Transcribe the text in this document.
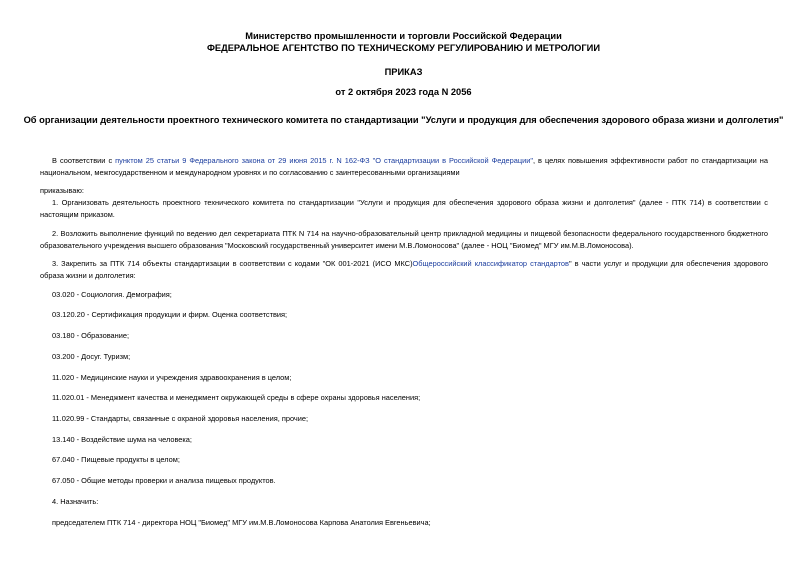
Министерство промышленности и торговли Российской Федерации
ФЕДЕРАЛЬНОЕ АГЕНТСТВО ПО ТЕХНИЧЕСКОМУ РЕГУЛИРОВАНИЮ И МЕТРОЛОГИИ
ПРИКАЗ
от 2 октября 2023 года N 2056
Об организации деятельности проектного технического комитета по стандартизации "Услуги и продукция для обеспечения здорового образа жизни и долголетия"
В соответствии с пунктом 25 статьи 9 Федерального закона от 29 июня 2015 г. N 162-ФЗ "О стандартизации в Российской Федерации", в целях повышения эффективности работ по стандартизации на национальном, межгосударственном и международном уровнях и по согласованию с заинтересованными организациями
приказываю:
1. Организовать деятельность проектного технического комитета по стандартизации "Услуги и продукция для обеспечения здорового образа жизни и долголетия" (далее - ПТК 714) в соответствии с настоящим приказом.
2. Возложить выполнение функций по ведению дел секретариата ПТК N 714 на научно-образовательный центр прикладной медицины и пищевой безопасности федерального государственного бюджетного образовательного учреждения высшего образования "Московский государственный университет имени М.В.Ломоносова" (далее - НОЦ "Биомед" МГУ им.М.В.Ломоносова).
3. Закрепить за ПТК 714 объекты стандартизации в соответствии с кодами "ОК 001-2021 (ИСО МКС)Общероссийский классификатор стандартов" в части услуг и продукции для обеспечения здорового образа жизни и долголетия:
03.020 - Социология. Демография;
03.120.20 - Сертификация продукции и фирм. Оценка соответствия;
03.180 - Образование;
03.200 - Досуг. Туризм;
11.020 - Медицинские науки и учреждения здравоохранения в целом;
11.020.01 - Менеджмент качества и менеджмент окружающей среды в сфере охраны здоровья населения;
11.020.99 - Стандарты, связанные с охраной здоровья населения, прочие;
13.140 - Воздействие шума на человека;
67.040 - Пищевые продукты в целом;
67.050 - Общие методы проверки и анализа пищевых продуктов.
4. Назначить:
председателем ПТК 714 - директора НОЦ "Биомед" МГУ им.М.В.Ломоносова Карпова Анатолия Евгеньевича;
